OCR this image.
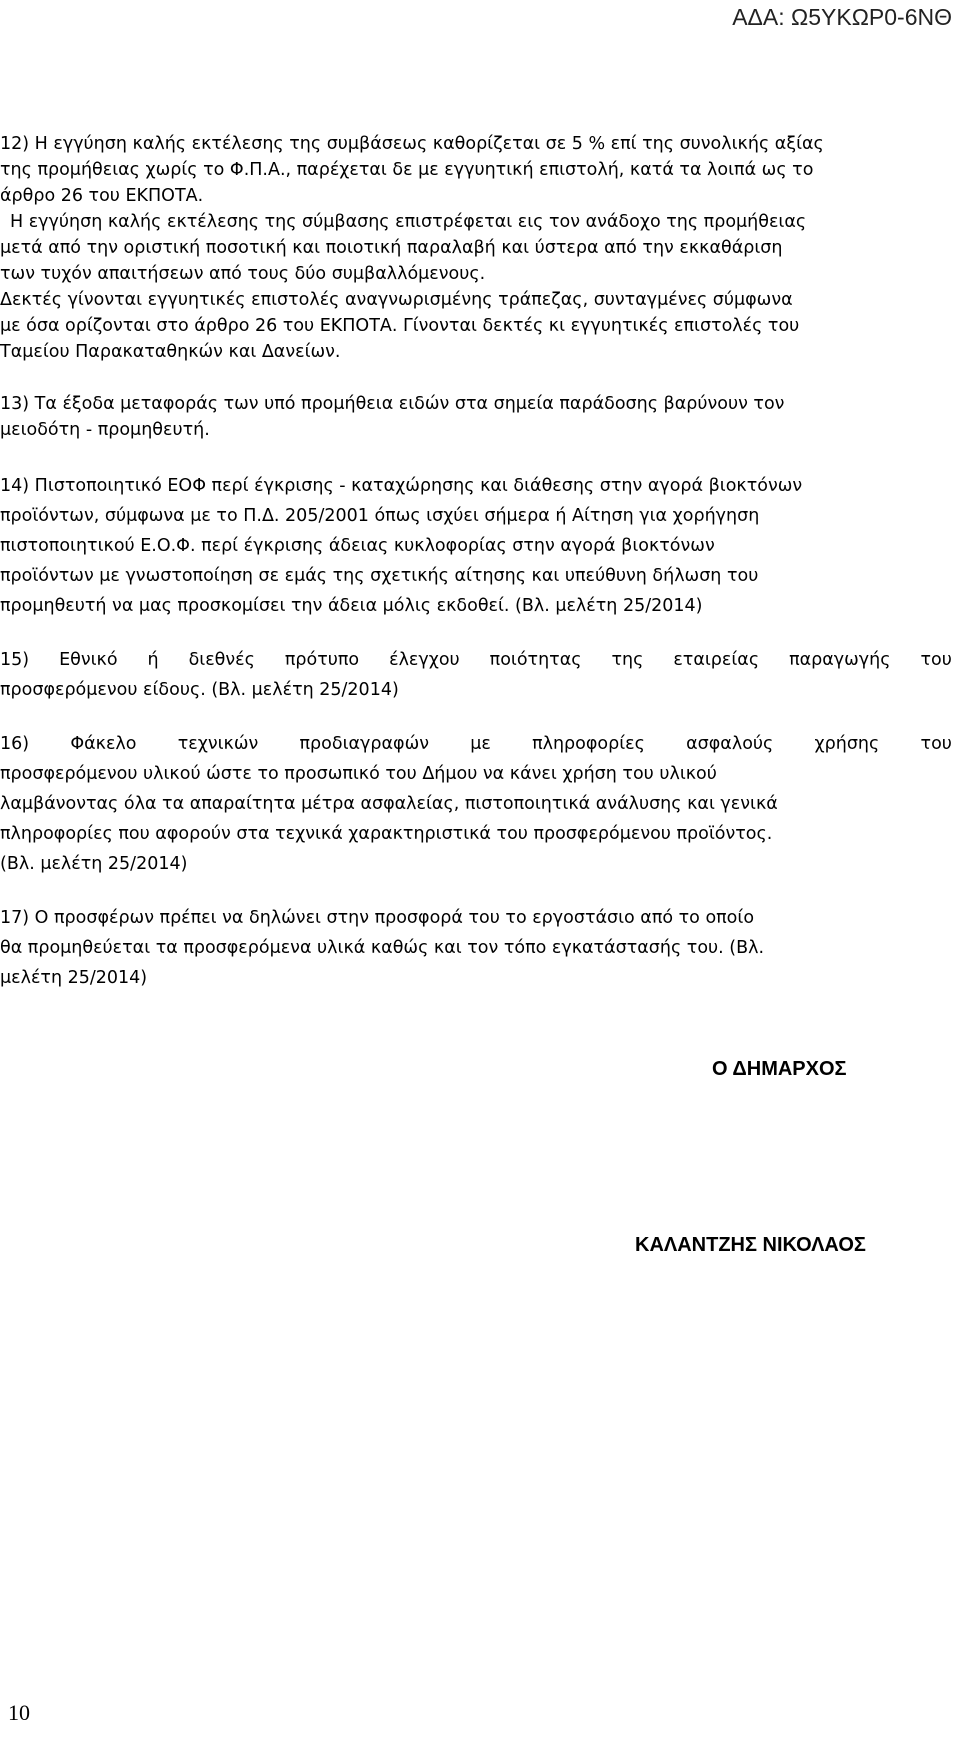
ΑΔΑ: Ω5ΥΚΩΡ0-6ΝΘ
12) Η εγγύηση καλής εκτέλεσης της συμβάσεως καθορίζεται σε 5 % επί της συνολικής αξίας
της προμήθειας χωρίς το Φ.Π.Α., παρέχεται δε με εγγυητική επιστολή, κατά τα λοιπά ως το
άρθρο 26 του ΕΚΠΟΤΑ.
Η εγγύηση καλής εκτέλεσης της σύμβασης επιστρέφεται εις τον ανάδοχο της προμήθειας
μετά από την οριστική ποσοτική και ποιοτική παραλαβή και ύστερα από την εκκαθάριση
των τυχόν απαιτήσεων από τους δύο συμβαλλόμενους.
Δεκτές γίνονται εγγυητικές επιστολές αναγνωρισμένης τράπεζας, συνταγμένες σύμφωνα
με όσα ορίζονται στο άρθρο 26 του ΕΚΠΟΤΑ. Γίνονται δεκτές κι εγγυητικές επιστολές του
Ταμείου Παρακαταθηκών και Δανείων.
13) Τα έξοδα μεταφοράς των υπό προμήθεια ειδών στα σημεία παράδοσης βαρύνουν τον
μειοδότη - προμηθευτή.
14) Πιστοποιητικό ΕΟΦ περί έγκρισης - καταχώρησης και διάθεσης στην αγορά βιοκτόνων
προϊόντων, σύμφωνα με το Π.Δ. 205/2001 όπως ισχύει σήμερα ή Αίτηση για χορήγηση
πιστοποιητικού Ε.Ο.Φ. περί έγκρισης άδειας κυκλοφορίας στην αγορά βιοκτόνων
προϊόντων με γνωστοποίηση σε εμάς της σχετικής αίτησης και υπεύθυνη δήλωση του
προμηθευτή να μας προσκομίσει την άδεια μόλις εκδοθεί. (Βλ. μελέτη 25/2014)
15) Εθνικό ή διεθνές πρότυπο έλεγχου ποιότητας της εταιρείας παραγωγής του
προσφερόμενου είδους. (Βλ. μελέτη 25/2014)
16) Φάκελο τεχνικών προδιαγραφών με πληροφορίες ασφαλούς χρήσης του
προσφερόμενου υλικού ώστε το προσωπικό του Δήμου να κάνει χρήση του υλικού
λαμβάνοντας όλα τα απαραίτητα μέτρα ασφαλείας, πιστοποιητικά ανάλυσης και γενικά
πληροφορίες που αφορούν στα τεχνικά χαρακτηριστικά του προσφερόμενου προϊόντος.
(Βλ. μελέτη 25/2014)
17) Ο προσφέρων πρέπει να δηλώνει στην προσφορά του το εργοστάσιο από το οποίο
θα προμηθεύεται τα προσφερόμενα υλικά καθώς και τον τόπο εγκατάστασής του. (Βλ.
μελέτη 25/2014)
Ο ΔΗΜΑΡΧΟΣ
ΚΑΛΑΝΤΖΗΣ ΝΙΚΟΛΑΟΣ
10
